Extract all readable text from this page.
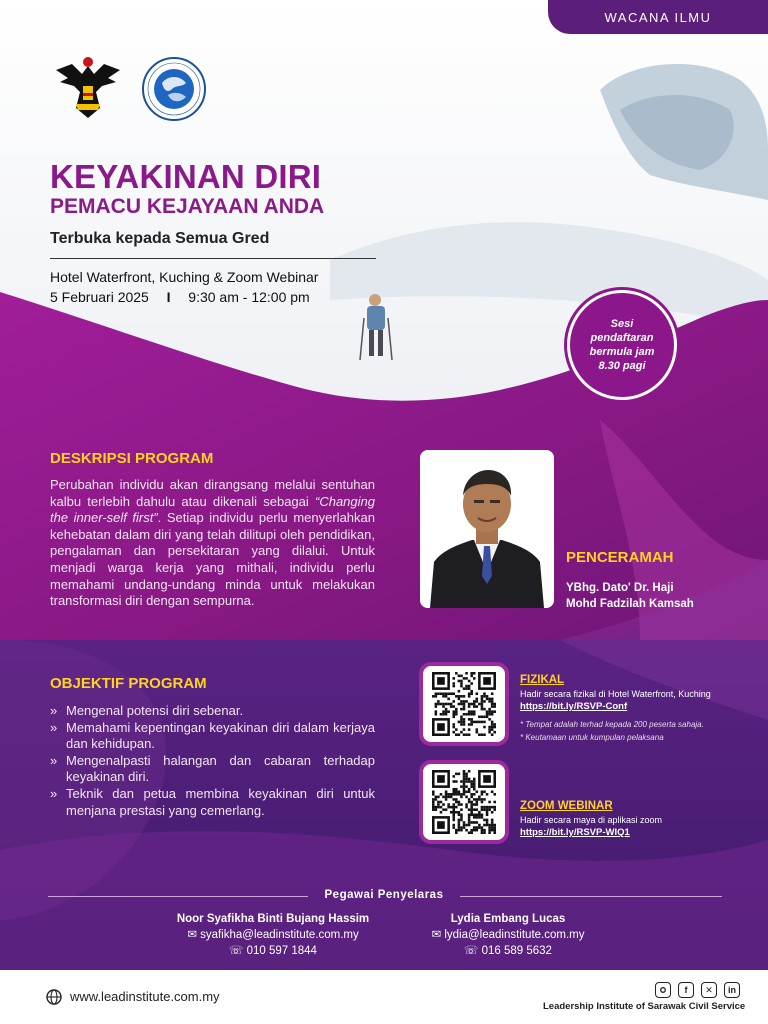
WACANA ILMU
KEYAKINAN DIRI
PEMACU KEJAYAAN ANDA
Terbuka kepada Semua Gred
Hotel Waterfront, Kuching & Zoom Webinar
5 Februari 2025 I 9:30 am - 12:00 pm
Sesi pendaftaran bermula jam 8.30 pagi
DESKRIPSI PROGRAM
Perubahan individu akan dirangsang melalui sentuhan kalbu terlebih dahulu atau dikenali sebagai “Changing the inner-self first”. Setiap individu perlu menyerlahkan kehebatan dalam diri yang telah dilitupi oleh pendidikan, pengalaman dan persekitaran yang dilalui. Untuk menjadi warga kerja yang mithali, individu perlu memahami undang-undang minda untuk melakukan transformasi diri dengan sempurna.
PENCERAMAH
YBhg. Dato' Dr. Haji
Mohd Fadzilah Kamsah
OBJEKTIF PROGRAM
» Mengenal potensi diri sebenar.
» Memahami kepentingan keyakinan diri dalam kerjaya dan kehidupan.
» Mengenalpasti halangan dan cabaran terhadap keyakinan diri.
» Teknik dan petua membina keyakinan diri untuk menjana prestasi yang cemerlang.
FIZIKAL
Hadir secara fizikal di Hotel Waterfront, Kuching
https://bit.ly/RSVP-Conf
* Tempat adalah terhad kepada 200 peserta sahaja.
* Keutamaan untuk kumpulan pelaksana
ZOOM WEBINAR
Hadir secara maya di aplikasi zoom
https://bit.ly/RSVP-WIQ1
Pegawai Penyelaras
Noor Syafikha Binti Bujang Hassim
✉ syafikha@leadinstitute.com.my
☏ 010 597 1844
Lydia Embang Lucas
✉ lydia@leadinstitute.com.my
☏ 016 589 5632
www.leadinstitute.com.my	f	✕	in
Leadership Institute of Sarawak Civil Service
